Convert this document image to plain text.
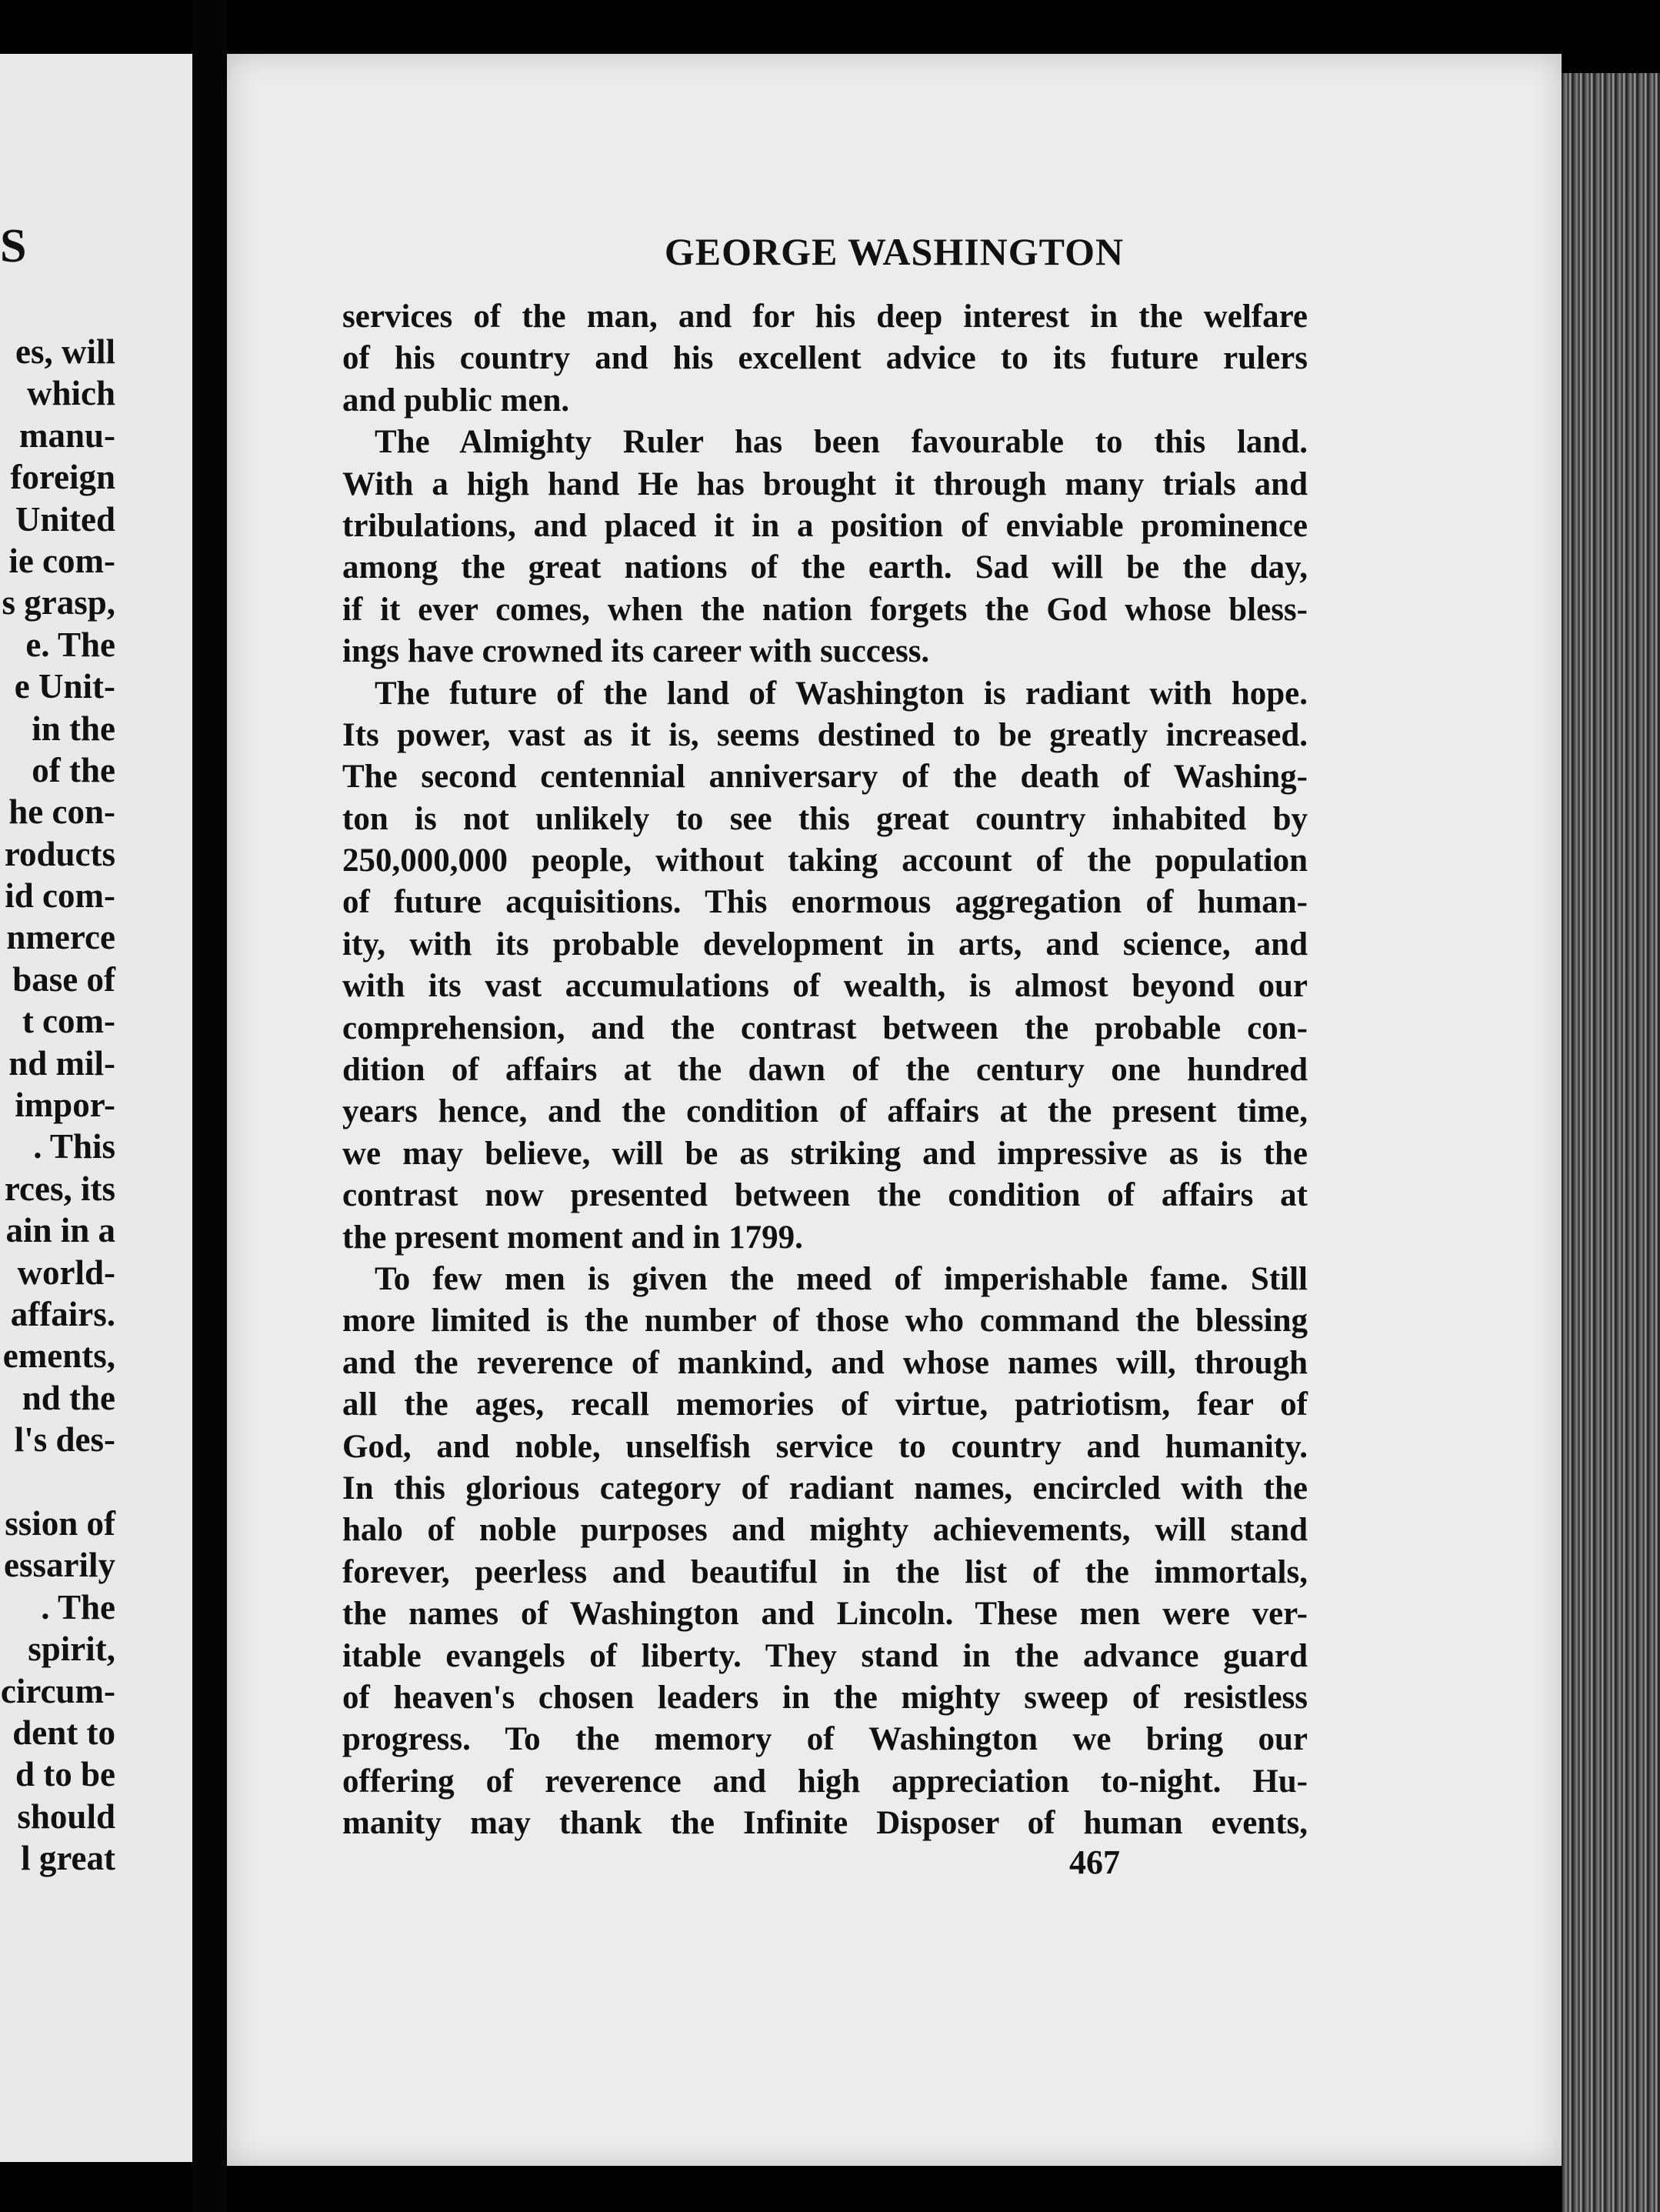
S
es, will
which
manu-
foreign
United
ie com-
s grasp,
e. The
e Unit-
in the
of the
he con-
roducts
id com-
nmerce
base of
t com-
nd mil-
impor-
. This
rces, its
ain in a
world-
affairs.
ements,
nd the
l's des-
ssion of
essarily
. The
spirit,
circum-
dent to
d to be
should
l great
GEORGE WASHINGTON
services of the man, and for his deep interest in the welfare
of his country and his excellent advice to its future rulers
and public men.
The Almighty Ruler has been favourable to this land.
With a high hand He has brought it through many trials and
tribulations, and placed it in a position of enviable prominence
among the great nations of the earth. Sad will be the day,
if it ever comes, when the nation forgets the God whose bless-
ings have crowned its career with success.
The future of the land of Washington is radiant with hope.
Its power, vast as it is, seems destined to be greatly increased.
The second centennial anniversary of the death of Washing-
ton is not unlikely to see this great country inhabited by
250,000,000 people, without taking account of the population
of future acquisitions. This enormous aggregation of human-
ity, with its probable development in arts, and science, and
with its vast accumulations of wealth, is almost beyond our
comprehension, and the contrast between the probable con-
dition of affairs at the dawn of the century one hundred
years hence, and the condition of affairs at the present time,
we may believe, will be as striking and impressive as is the
contrast now presented between the condition of affairs at
the present moment and in 1799.
To few men is given the meed of imperishable fame. Still
more limited is the number of those who command the blessing
and the reverence of mankind, and whose names will, through
all the ages, recall memories of virtue, patriotism, fear of
God, and noble, unselfish service to country and humanity.
In this glorious category of radiant names, encircled with the
halo of noble purposes and mighty achievements, will stand
forever, peerless and beautiful in the list of the immortals,
the names of Washington and Lincoln. These men were ver-
itable evangels of liberty. They stand in the advance guard
of heaven's chosen leaders in the mighty sweep of resistless
progress. To the memory of Washington we bring our
offering of reverence and high appreciation to-night. Hu-
manity may thank the Infinite Disposer of human events,

467
